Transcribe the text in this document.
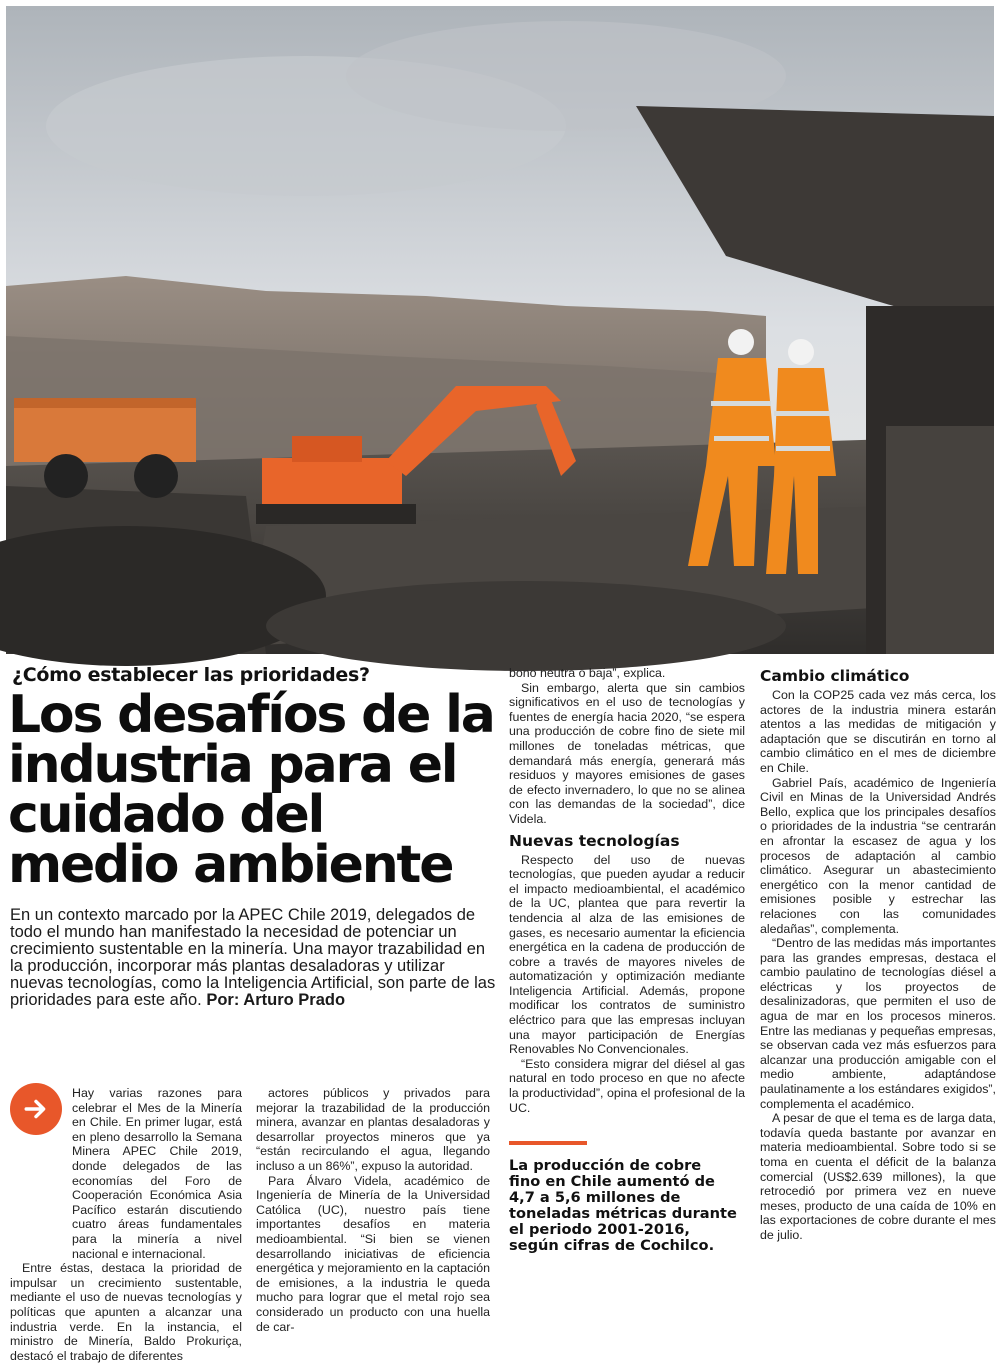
¿Cómo establecer las prioridades?
Los desafíos de la industria para el cuidado del medio ambiente
En un contexto marcado por la APEC Chile 2019, delegados de todo el mundo han manifestado la necesidad de potenciar un crecimiento sustentable en la minería. Una mayor trazabilidad en la producción, incorporar más plantas desaladoras y utilizar nuevas tecnologías, como la Inteligencia Artificial, son parte de las prioridades para este año. Por: Arturo Prado

Hay varias razones para celebrar el Mes de la Minería en Chile. En primer lugar, está en pleno desarrollo la Semana Minera APEC Chile 2019, donde delegados de las economías del Foro de Cooperación Económica Asia Pacífico estarán discutiendo cuatro áreas fundamentales para la minería a nivel nacional e internacional.

Entre éstas, destaca la prioridad de impulsar un crecimiento sustentable, mediante el uso de nuevas tecnologías y políticas que apunten a alcanzar una industria verde. En la instancia, el ministro de Minería, Baldo Prokuriça, destacó el trabajo de diferentes

actores públicos y privados para mejorar la trazabilidad de la producción minera, avanzar en plantas desaladoras y desarrollar proyectos mineros que ya “están recirculando el agua, llegando incluso a un 86%”, expuso la autoridad.

Para Álvaro Videla, académico de Ingeniería de Minería de la Universidad Católica (UC), nuestro país tiene importantes desafíos en materia medioambiental. “Si bien se vienen desarrollando iniciativas de eficiencia energética y mejoramiento en la captación de emisiones, a la industria le queda mucho para lograr que el metal rojo sea considerado un producto con una huella de car-

bono neutra o baja”, explica.

Sin embargo, alerta que sin cambios significativos en el uso de tecnologías y fuentes de energía hacia 2020, “se espera una producción de cobre fino de siete mil millones de toneladas métricas, que demandará más energía, generará más residuos y mayores emisiones de gases de efecto invernadero, lo que no se alinea con las demandas de la sociedad”, dice Videla.

Nuevas tecnologías

Respecto del uso de nuevas tecnologías, que pueden ayudar a reducir el impacto medioambiental, el académico de la UC, plantea que para revertir la tendencia al alza de las emisiones de gases, es necesario aumentar la eficiencia energética en la cadena de producción de cobre a través de mayores niveles de automatización y optimización mediante Inteligencia Artificial. Además, propone modificar los contratos de suministro eléctrico para que las empresas incluyan una mayor participación de Energías Renovables No Convencionales.

“Esto considera migrar del diésel al gas natural en todo proceso en que no afecte la productividad”, opina el profesional de la UC.

La producción de cobre fino en Chile aumentó de 4,7 a 5,6 millones de toneladas métricas durante el periodo 2001-2016, según cifras de Cochilco.
Cambio climático

Con la COP25 cada vez más cerca, los actores de la industria minera estarán atentos a las medidas de mitigación y adaptación que se discutirán en torno al cambio climático en el mes de diciembre en Chile.

Gabriel País, académico de Ingeniería Civil en Minas de la Universidad Andrés Bello, explica que los principales desafíos o prioridades de la industria “se centrarán en afrontar la escasez de agua y los procesos de adaptación al cambio climático. Asegurar un abastecimiento energético con la menor cantidad de emisiones posible y estrechar las relaciones con las comunidades aledañas”, complementa.

“Dentro de las medidas más importantes para las grandes empresas, destaca el cambio paulatino de tecnologías diésel a eléctricas y los proyectos de desalinizadoras, que permiten el uso de agua de mar en los procesos mineros. Entre las medianas y pequeñas empresas, se observan cada vez más esfuerzos para alcanzar una producción amigable con el medio ambiente, adaptándose paulatinamente a los estándares exigidos”, complementa el académico.

A pesar de que el tema es de larga data, todavía queda bastante por avanzar en materia medioambiental. Sobre todo si se toma en cuenta el déficit de la balanza comercial (US$2.639 millones), la que retrocedió por primera vez en nueve meses, producto de una caída de 10% en las exportaciones de cobre durante el mes de julio.
